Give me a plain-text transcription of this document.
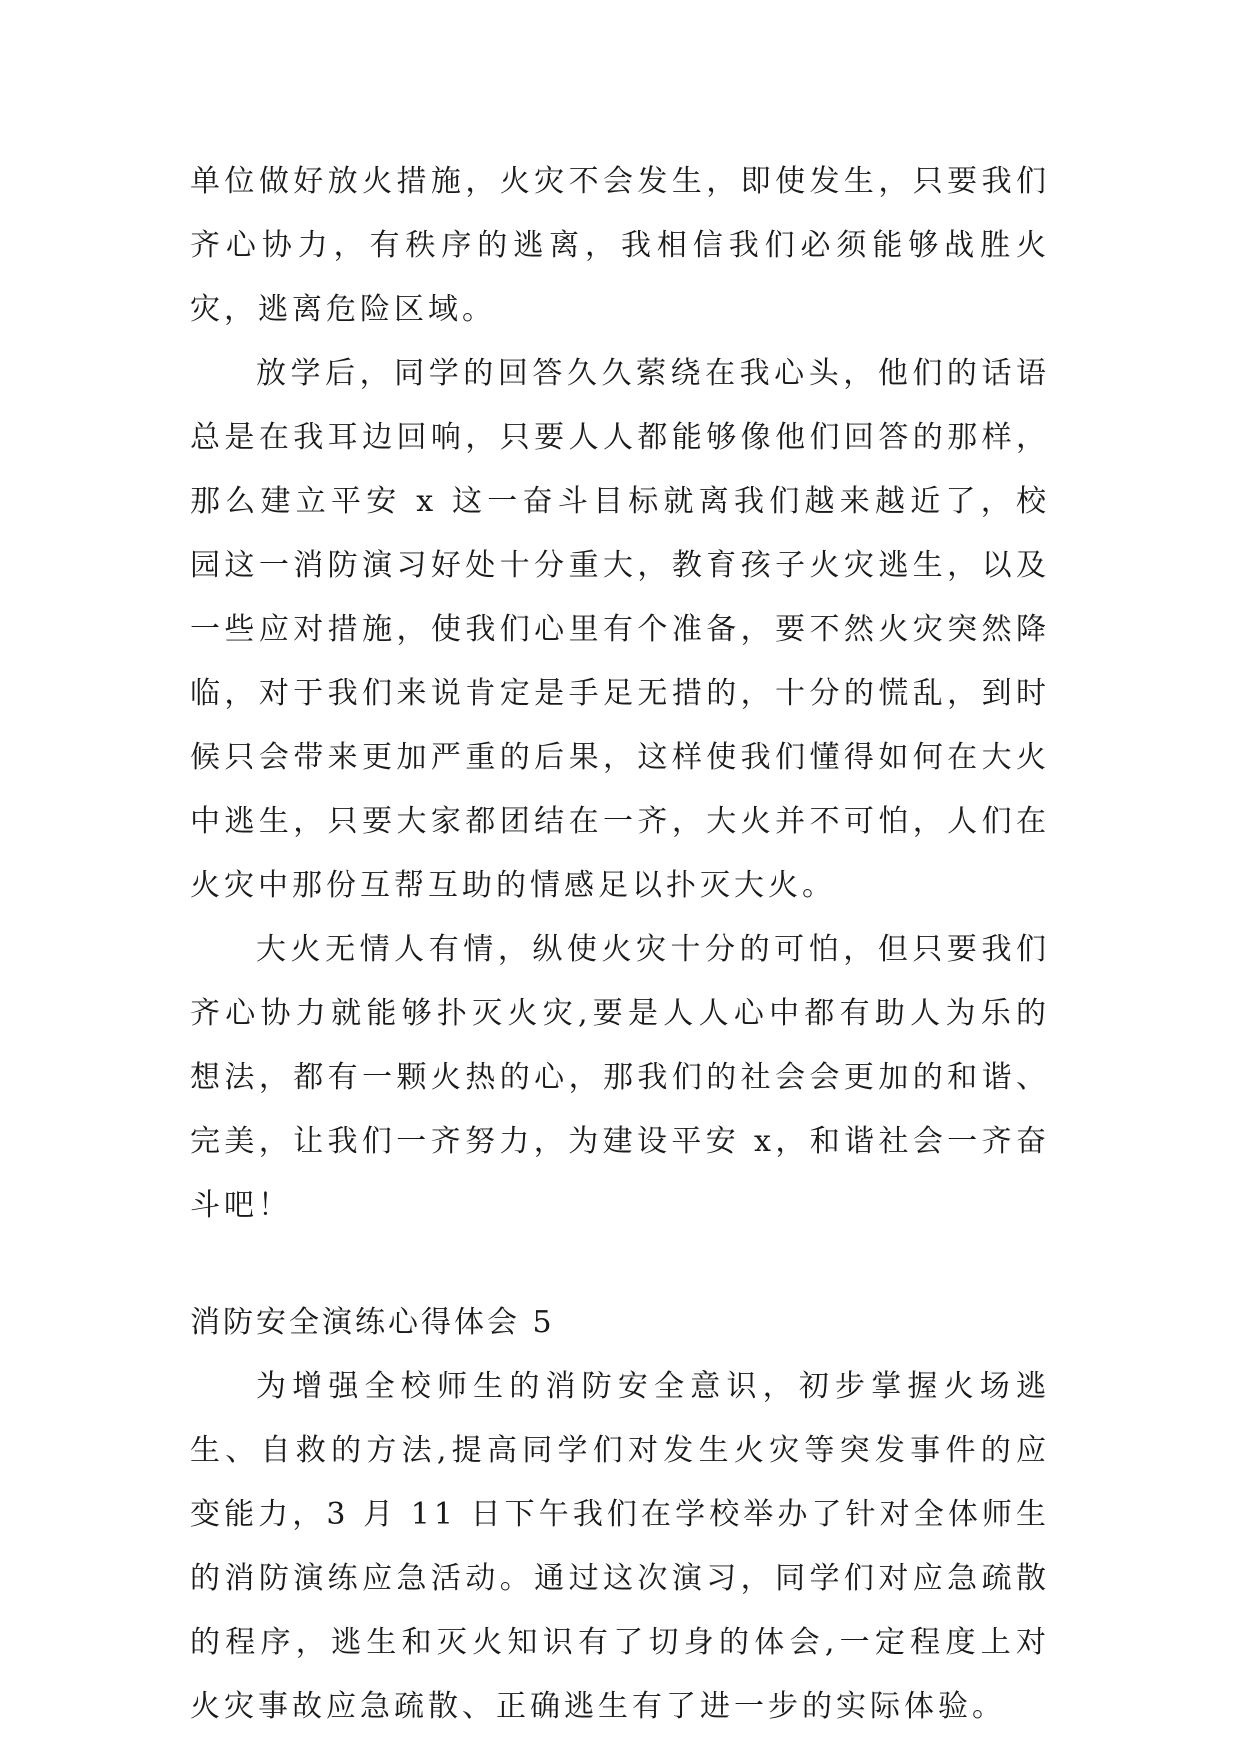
单位做好放火措施，火灾不会发生，即使发生，只要我们齐心协力，有秩序的逃离，我相信我们必须能够战胜火灾，逃离危险区域。

放学后，同学的回答久久萦绕在我心头，他们的话语总是在我耳边回响，只要人人都能够像他们回答的那样，那么建立平安 x 这一奋斗目标就离我们越来越近了，校园这一消防演习好处十分重大，教育孩子火灾逃生，以及一些应对措施，使我们心里有个准备，要不然火灾突然降临，对于我们来说肯定是手足无措的，十分的慌乱，到时候只会带来更加严重的后果，这样使我们懂得如何在大火中逃生，只要大家都团结在一齐，大火并不可怕，人们在火灾中那份互帮互助的情感足以扑灭大火。

大火无情人有情，纵使火灾十分的可怕，但只要我们齐心协力就能够扑灭火灾,要是人人心中都有助人为乐的想法，都有一颗火热的心，那我们的社会会更加的和谐、完美，让我们一齐努力，为建设平安 x，和谐社会一齐奋斗吧！

消防安全演练心得体会 5

为增强全校师生的消防安全意识，初步掌握火场逃生、自救的方法,提高同学们对发生火灾等突发事件的应变能力，3 月 11 日下午我们在学校举办了针对全体师生的消防演练应急活动。通过这次演习，同学们对应急疏散的程序，逃生和灭火知识有了切身的体会,一定程度上对火灾事故应急疏散、正确逃生有了进一步的实际体验。
